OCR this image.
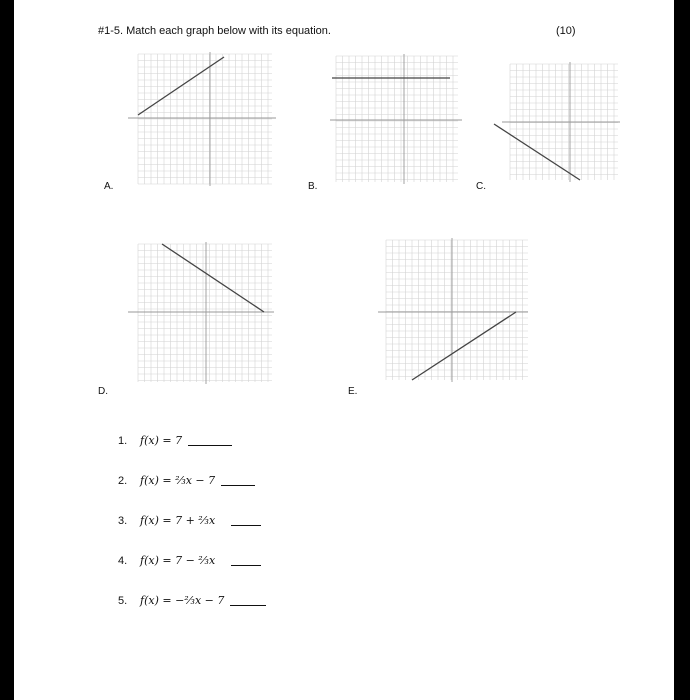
#1-5. Match each graph below with its equation.	(10)
A.	B.	C.
D.	E.
1.	f(x) = 7
2.	f(x) = ⅔x − 7
3.	f(x) = 7 + ⅔x
4.	f(x) = 7 − ⅔x
5.	f(x) = −⅔x − 7
